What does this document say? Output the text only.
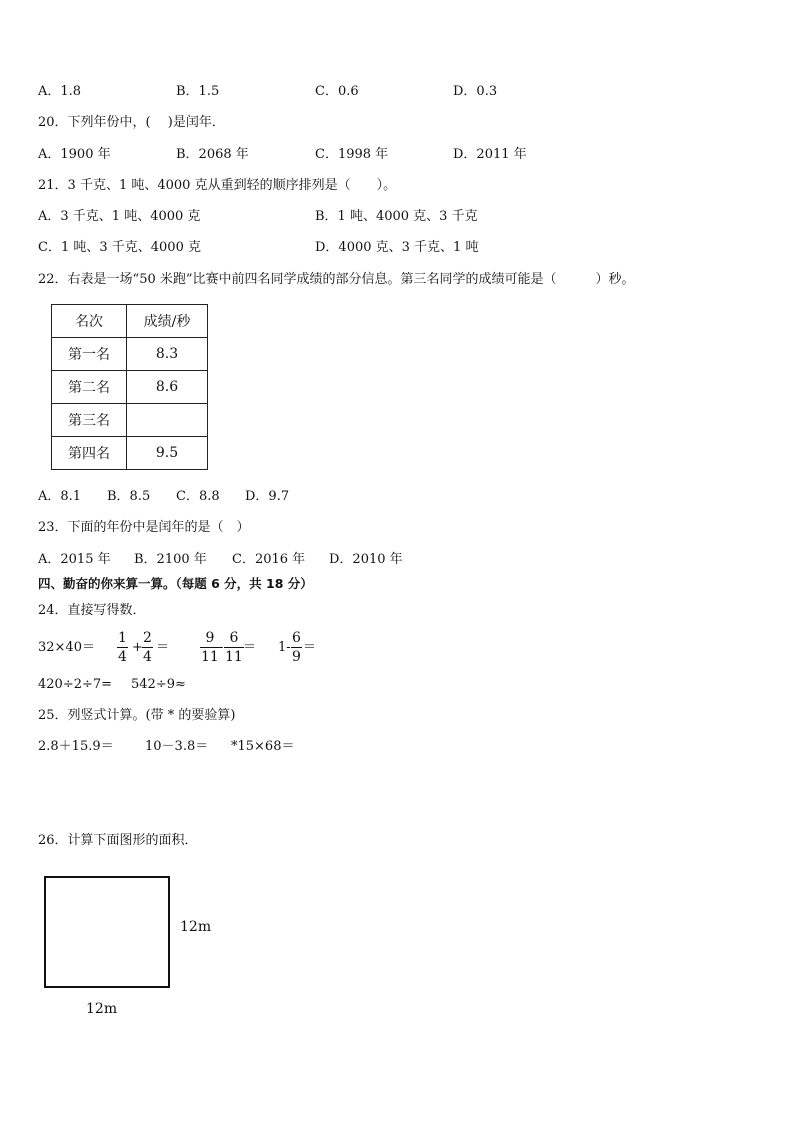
A．1.8	B．1.5	C．0.6	D．0.3
20．下列年份中，(　 )是闰年．
A．1900 年	B．2068 年	C．1998 年	D．2011 年
21．3 千克、1 吨、4000 克从重到轻的顺序排列是（　　）。
A．3 千克、1 吨、4000 克	B．1 吨、4000 克、3 千克
C．1 吨、3 千克、4000 克	D．4000 克、3 千克、1 吨
22．右表是一场“50 米跑”比赛中前四名同学成绩的部分信息。第三名同学的成绩可能是（　　　）秒。
名次	成绩/秒
第一名	8.3
第二名	8.6
第三名	
第四名	9.5
A．8.1 B．8.5 C．8.8 D．9.7
23．下面的年份中是闰年的是（　）
A．2015 年 B．2100 年 C．2016 年 D．2010 年
四、勤奋的你来算一算。（每题 6 分，共 18 分）
24．直接写得数．
$32\times 40= \frac{1}{4} + \frac{2}{4} = \frac{9}{11} - \frac{6}{11} = 1- \frac{6}{9}$ ＝
420÷2÷7= 542÷9≈
25．列竖式计算。(带 * 的要验算)
2.8＋15.9＝ 10－3.8＝ *15×68＝
26．计算下面图形的面积．
12m
12m
